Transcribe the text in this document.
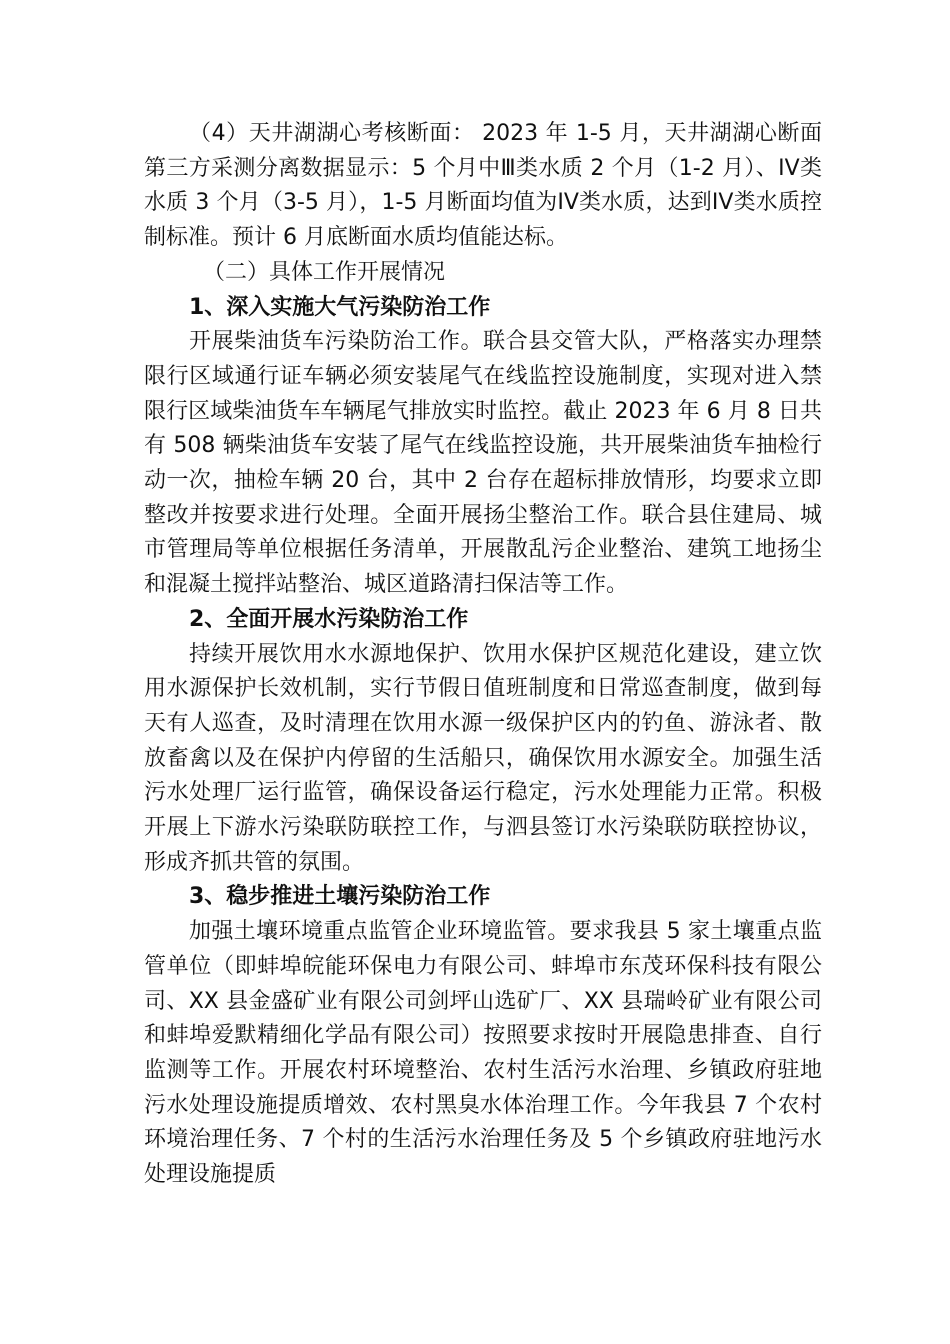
（4）天井湖湖心考核断面： 2023 年 1-5 月，天井湖湖心断面第三方采测分离数据显示：5 个月中Ⅲ类水质 2 个月（1-2 月）、IV类水质 3 个月（3-5 月），1-5 月断面均值为IV类水质，达到IV类水质控制标准。预计 6 月底断面水质均值能达标。

（二）具体工作开展情况

1、深入实施大气污染防治工作

开展柴油货车污染防治工作。联合县交管大队，严格落实办理禁限行区域通行证车辆必须安装尾气在线监控设施制度，实现对进入禁限行区域柴油货车车辆尾气排放实时监控。截止 2023 年 6 月 8 日共有 508 辆柴油货车安装了尾气在线监控设施，共开展柴油货车抽检行动一次，抽检车辆 20 台，其中 2 台存在超标排放情形，均要求立即整改并按要求进行处理。全面开展扬尘整治工作。联合县住建局、城市管理局等单位根据任务清单，开展散乱污企业整治、建筑工地扬尘和混凝土搅拌站整治、城区道路清扫保洁等工作。

2、全面开展水污染防治工作

持续开展饮用水水源地保护、饮用水保护区规范化建设，建立饮用水源保护长效机制，实行节假日值班制度和日常巡查制度，做到每天有人巡查，及时清理在饮用水源一级保护区内的钓鱼、游泳者、散放畜禽以及在保护内停留的生活船只，确保饮用水源安全。加强生活污水处理厂运行监管，确保设备运行稳定，污水处理能力正常。积极开展上下游水污染联防联控工作，与泗县签订水污染联防联控协议，形成齐抓共管的氛围。

3、稳步推进土壤污染防治工作

加强土壤环境重点监管企业环境监管。要求我县 5 家土壤重点监管单位（即蚌埠皖能环保电力有限公司、蚌埠市东茂环保科技有限公司、XX 县金盛矿业有限公司剑坪山选矿厂、XX 县瑞岭矿业有限公司和蚌埠爱默精细化学品有限公司）按照要求按时开展隐患排查、自行监测等工作。开展农村环境整治、农村生活污水治理、乡镇政府驻地污水处理设施提质增效、农村黑臭水体治理工作。今年我县 7 个农村环境治理任务、7 个村的生活污水治理任务及 5 个乡镇政府驻地污水处理设施提质
